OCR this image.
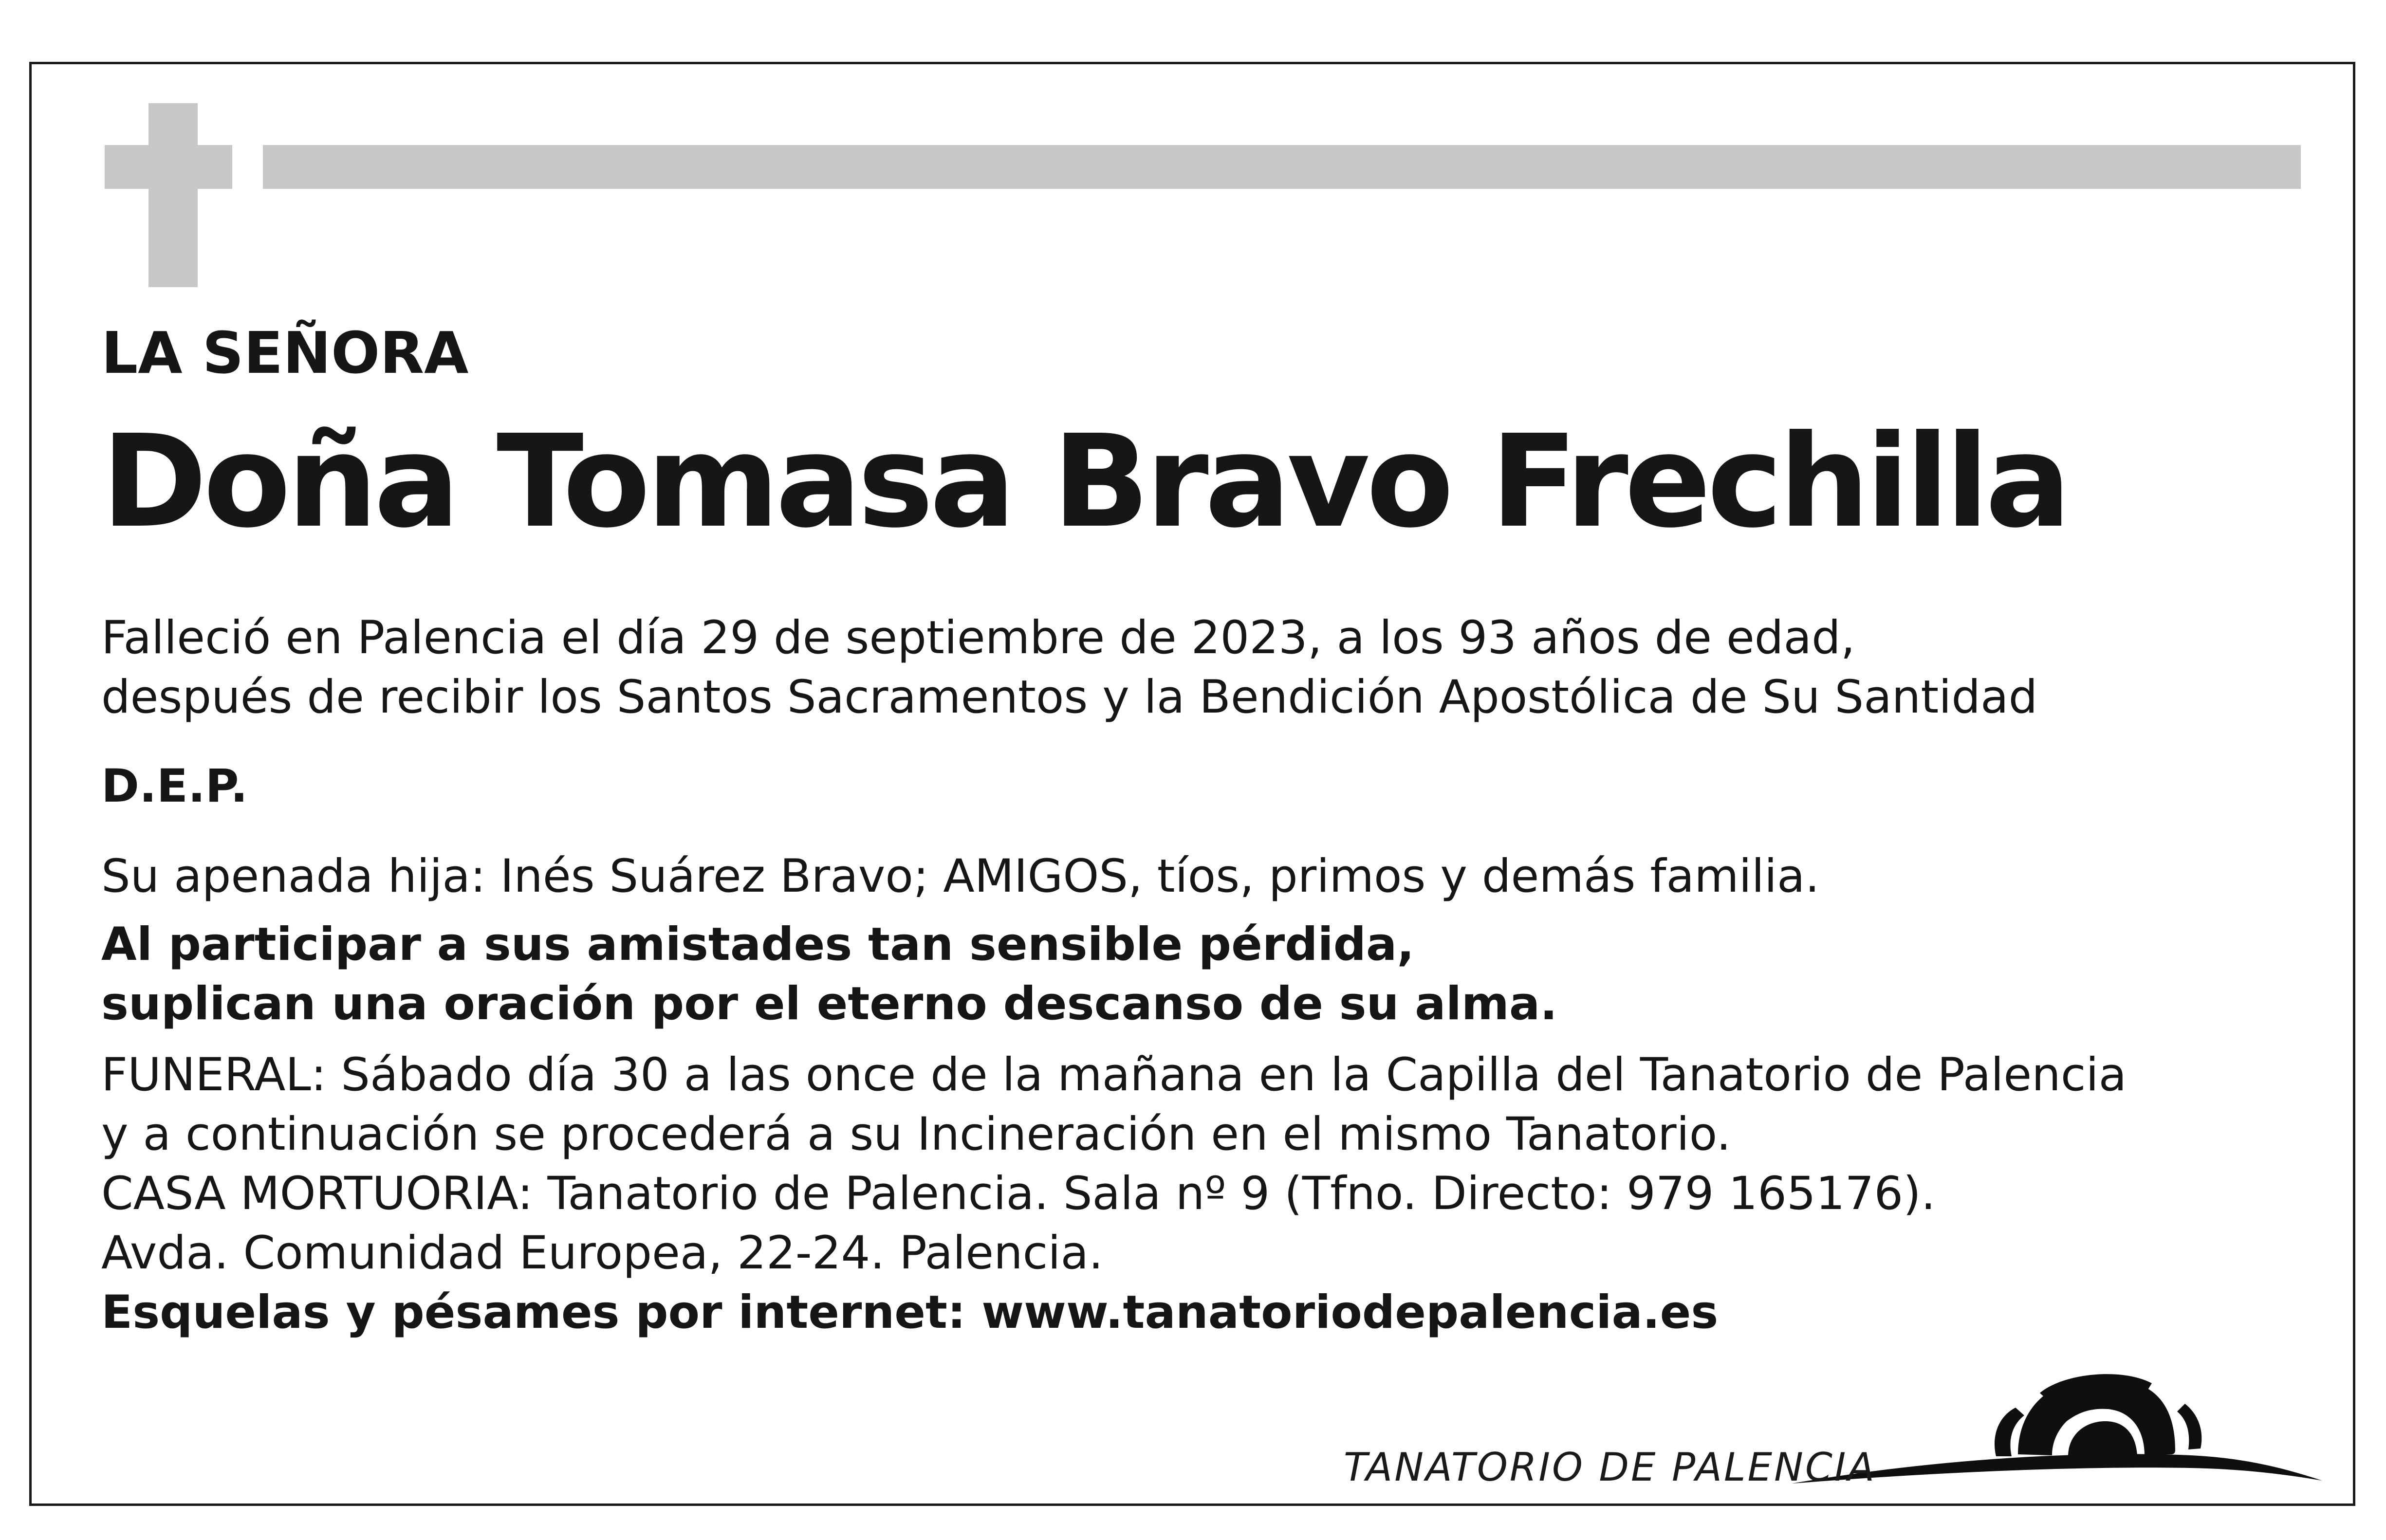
LA SEÑORA
Doña Tomasa Bravo Frechilla

Falleció en Palencia el día 29 de septiembre de 2023, a los 93 años de edad,
después de recibir los Santos Sacramentos y la Bendición Apostólica de Su Santidad

D.E.P.

Su apenada hija: Inés Suárez Bravo; AMIGOS, tíos, primos y demás familia.

Al participar a sus amistades tan sensible pérdida,
suplican una oración por el eterno descanso de su alma.

FUNERAL: Sábado día 30 a las once de la mañana en la Capilla del Tanatorio de Palencia
y a continuación se procederá a su Incineración en el mismo Tanatorio.
CASA MORTUORIA: Tanatorio de Palencia. Sala nº 9 (Tfno. Directo: 979 165176).
Avda. Comunidad Europea, 22-24. Palencia.
Esquelas y pésames por internet: www.tanatoriodepalencia.es

TANATORIO DE PALENCIA
